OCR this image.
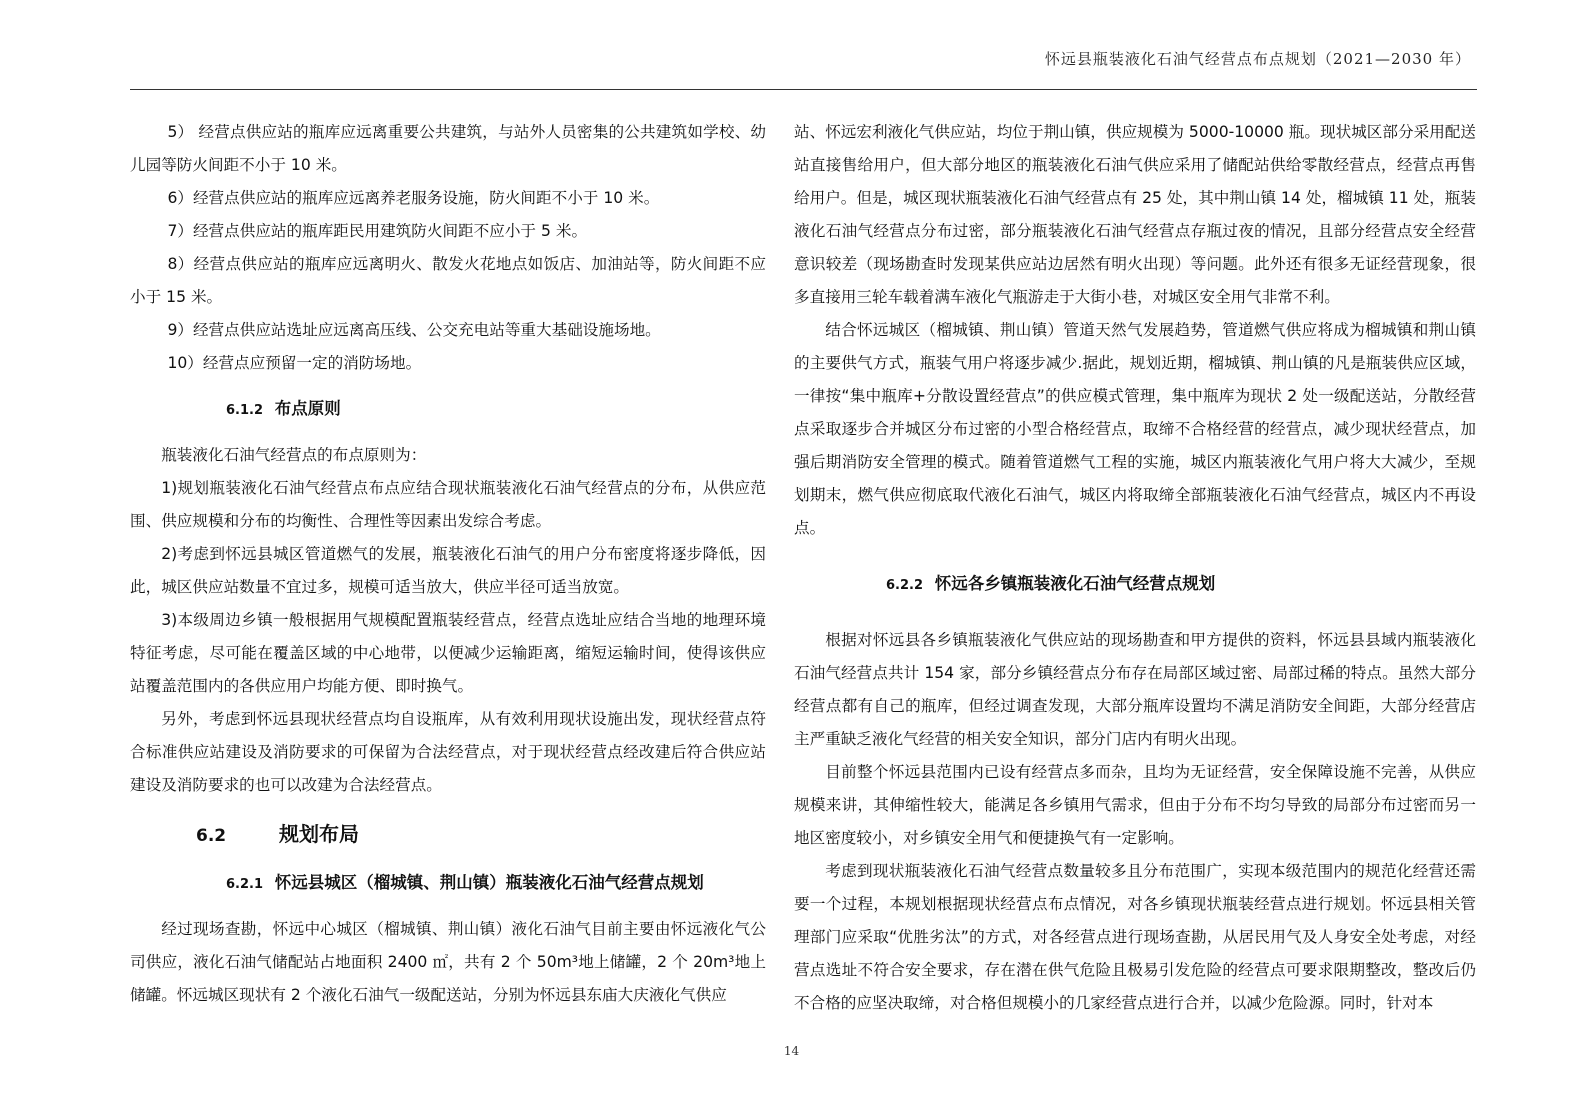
怀远县瓶装液化石油气经营点布点规划（2021—2030 年）

5） 经营点供应站的瓶库应远离重要公共建筑，与站外人员密集的公共建筑如学校、幼儿园等防火间距不小于 10 米。

6）经营点供应站的瓶库应远离养老服务设施，防火间距不小于 10 米。

7）经营点供应站的瓶库距民用建筑防火间距不应小于 5 米。

8）经营点供应站的瓶库应远离明火、散发火花地点如饭店、加油站等，防火间距不应小于 15 米。

9）经营点供应站选址应远离高压线、公交充电站等重大基础设施场地。

10）经营点应预留一定的消防场地。

6.1.2 布点原则

瓶装液化石油气经营点的布点原则为：

1)规划瓶装液化石油气经营点布点应结合现状瓶装液化石油气经营点的分布，从供应范围、供应规模和分布的均衡性、合理性等因素出发综合考虑。

2)考虑到怀远县城区管道燃气的发展，瓶装液化石油气的用户分布密度将逐步降低，因此，城区供应站数量不宜过多，规模可适当放大，供应半径可适当放宽。

3)本级周边乡镇一般根据用气规模配置瓶装经营点，经营点选址应结合当地的地理环境特征考虑，尽可能在覆盖区域的中心地带，以便减少运输距离，缩短运输时间，使得该供应站覆盖范围内的各供应用户均能方便、即时换气。

另外，考虑到怀远县现状经营点均自设瓶库，从有效利用现状设施出发，现状经营点符合标准供应站建设及消防要求的可保留为合法经营点，对于现状经营点经改建后符合供应站建设及消防要求的也可以改建为合法经营点。

6.2	规划布局
6.2.1 怀远县城区（榴城镇、荆山镇）瓶装液化石油气经营点规划

经过现场查勘，怀远中心城区（榴城镇、荆山镇）液化石油气目前主要由怀远液化气公司供应，液化石油气储配站占地面积 2400 ㎡，共有 2 个 50m³地上储罐，2 个 20m³地上储罐。怀远城区现状有 2 个液化石油气一级配送站，分别为怀远县东庙大庆液化气供应

站、怀远宏利液化气供应站，均位于荆山镇，供应规模为 5000-10000 瓶。现状城区部分采用配送站直接售给用户，但大部分地区的瓶装液化石油气供应采用了储配站供给零散经营点，经营点再售给用户。但是，城区现状瓶装液化石油气经营点有 25 处，其中荆山镇 14 处，榴城镇 11 处，瓶装液化石油气经营点分布过密，部分瓶装液化石油气经营点存瓶过夜的情况，且部分经营点安全经营意识较差（现场勘查时发现某供应站边居然有明火出现）等问题。此外还有很多无证经营现象，很多直接用三轮车载着满车液化气瓶游走于大街小巷，对城区安全用气非常不利。

结合怀远城区（榴城镇、荆山镇）管道天然气发展趋势，管道燃气供应将成为榴城镇和荆山镇的主要供气方式，瓶装气用户将逐步减少.据此，规划近期，榴城镇、荆山镇的凡是瓶装供应区域，一律按“集中瓶库+分散设置经营点”的供应模式管理，集中瓶库为现状 2 处一级配送站，分散经营点采取逐步合并城区分布过密的小型合格经营点，取缔不合格经营的经营点，减少现状经营点，加强后期消防安全管理的模式。随着管道燃气工程的实施，城区内瓶装液化气用户将大大减少，至规划期末，燃气供应彻底取代液化石油气，城区内将取缔全部瓶装液化石油气经营点，城区内不再设点。

6.2.2 怀远各乡镇瓶装液化石油气经营点规划

根据对怀远县各乡镇瓶装液化气供应站的现场勘查和甲方提供的资料，怀远县县域内瓶装液化石油气经营点共计 154 家，部分乡镇经营点分布存在局部区域过密、局部过稀的特点。虽然大部分经营点都有自己的瓶库，但经过调查发现，大部分瓶库设置均不满足消防安全间距，大部分经营店主严重缺乏液化气经营的相关安全知识，部分门店内有明火出现。

目前整个怀远县范围内已设有经营点多而杂，且均为无证经营，安全保障设施不完善，从供应规模来讲，其伸缩性较大，能满足各乡镇用气需求，但由于分布不均匀导致的局部分布过密而另一地区密度较小，对乡镇安全用气和便捷换气有一定影响。

考虑到现状瓶装液化石油气经营点数量较多且分布范围广，实现本级范围内的规范化经营还需要一个过程，本规划根据现状经营点布点情况，对各乡镇现状瓶装经营点进行规划。怀远县相关管理部门应采取“优胜劣汰”的方式，对各经营点进行现场查勘，从居民用气及人身安全处考虑，对经营点选址不符合安全要求，存在潜在供气危险且极易引发危险的经营点可要求限期整改，整改后仍不合格的应坚决取缔，对合格但规模小的几家经营点进行合并，以减少危险源。同时，针对本

14
